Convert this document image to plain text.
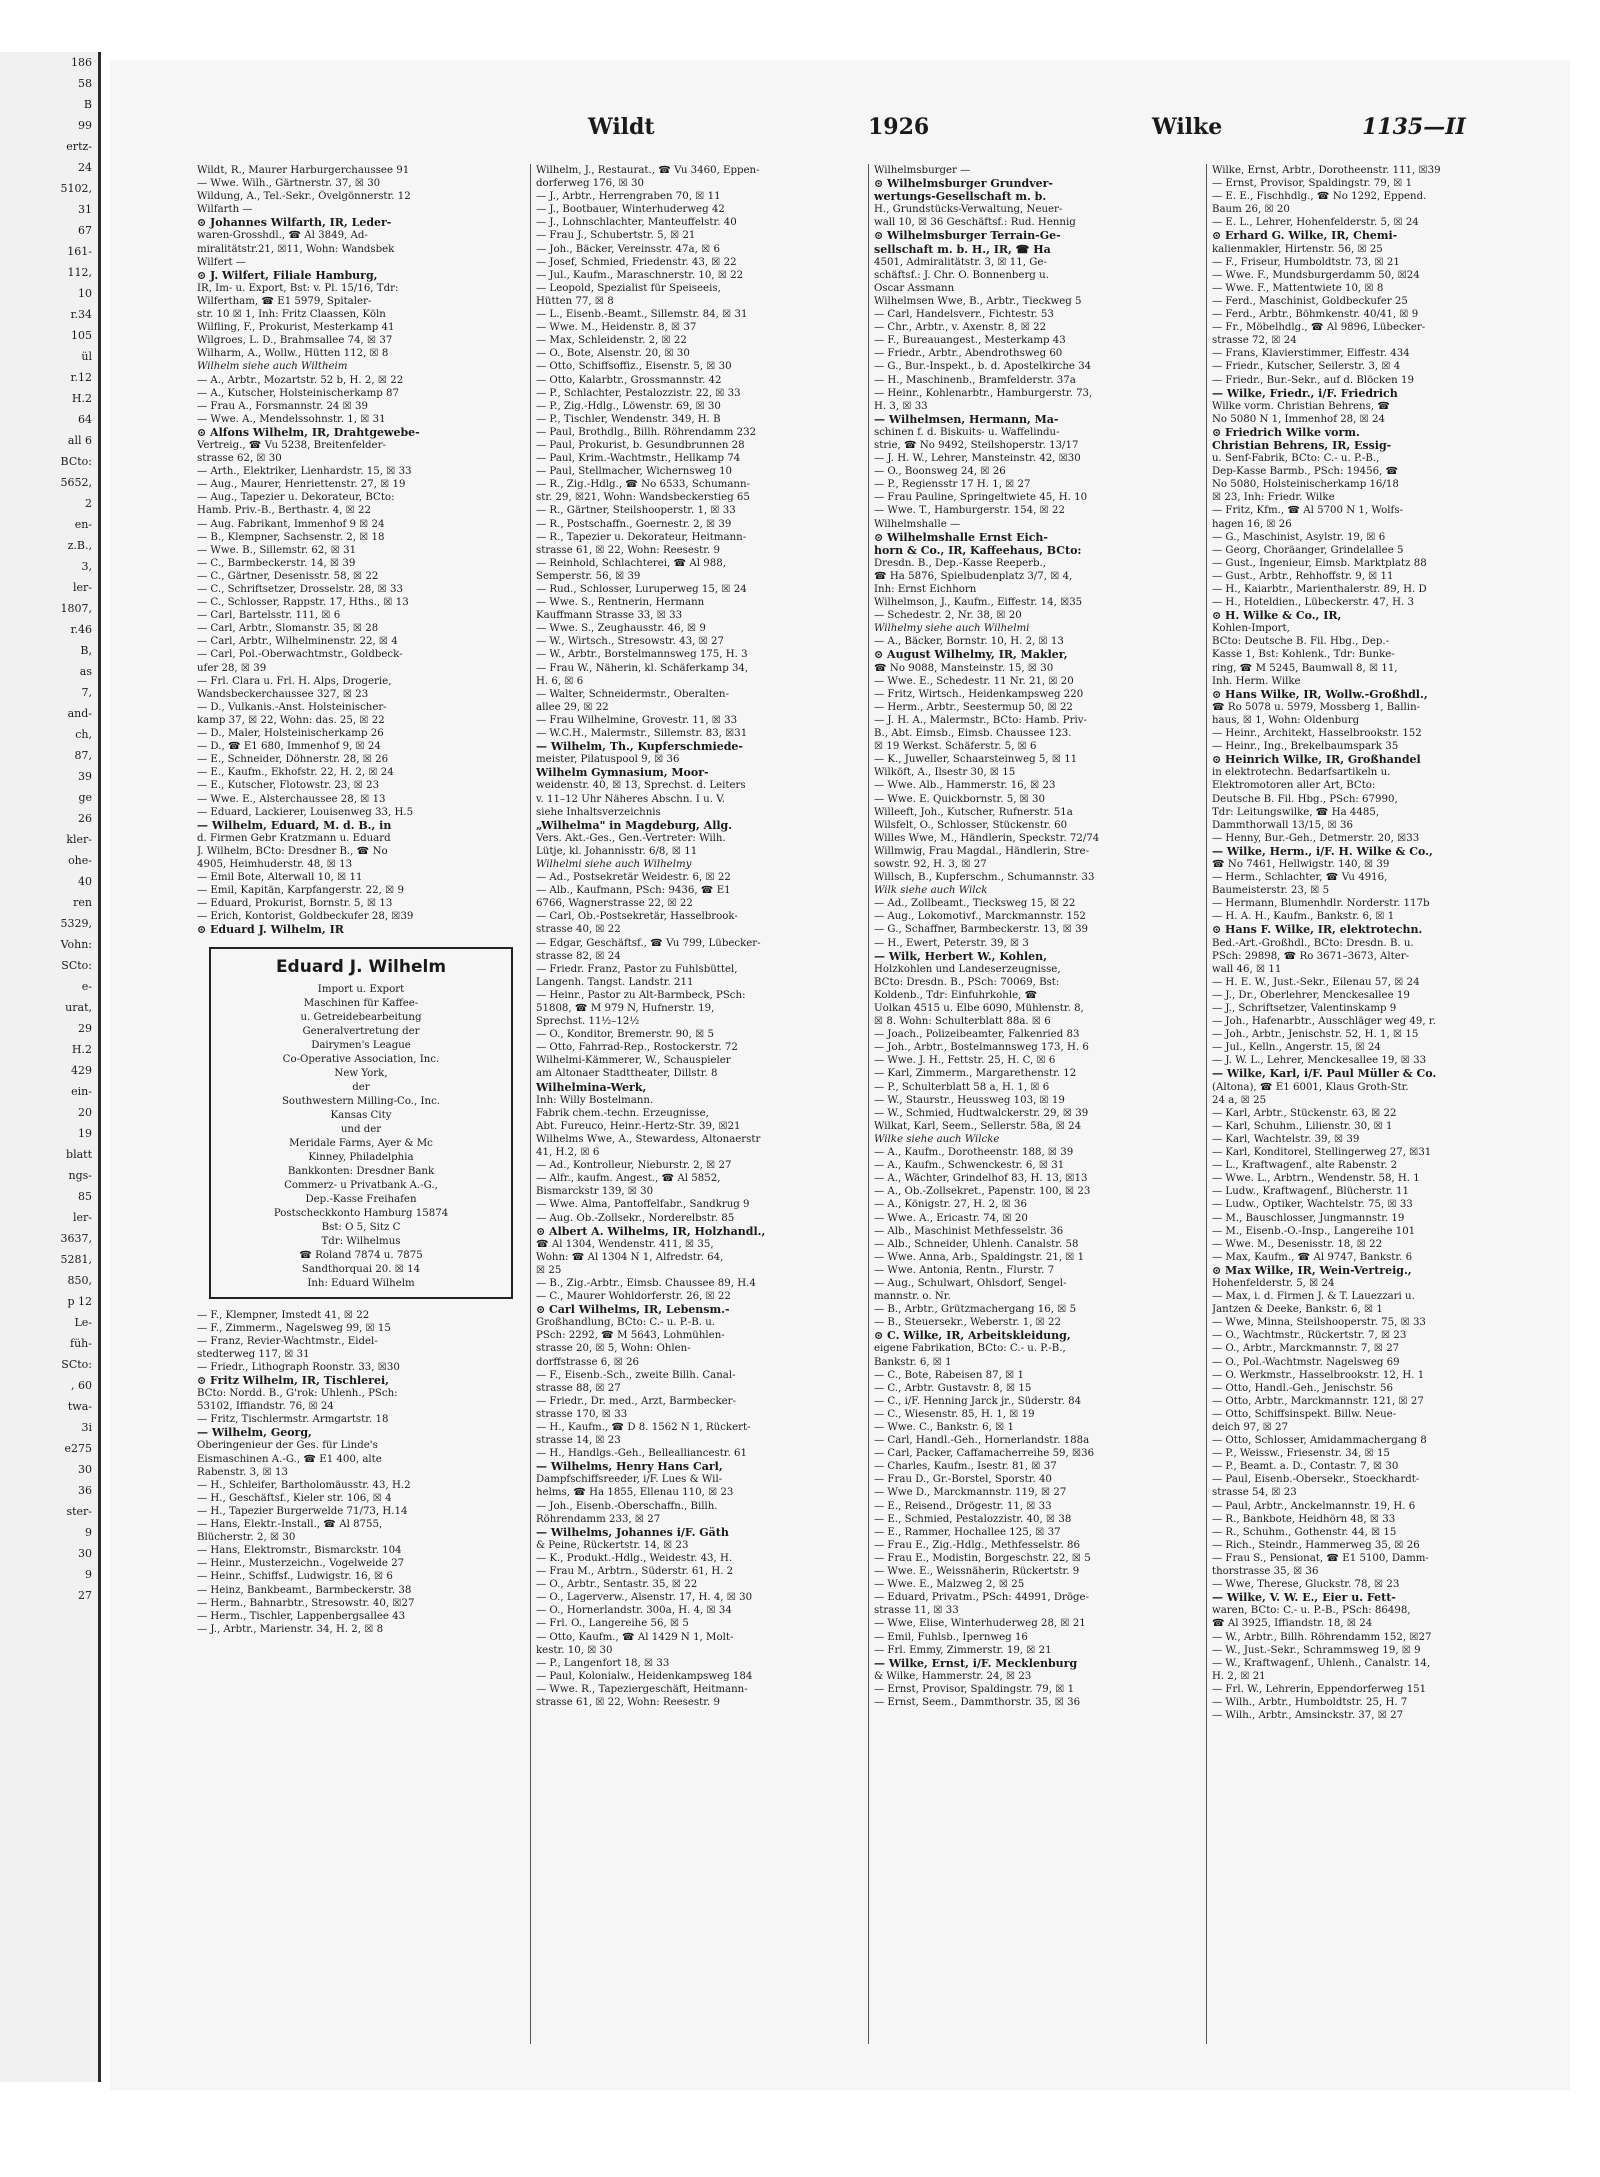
186
58
B
99
ertz-
24
5102,
31
67
161-
112,
10
r.34
105
ül
r.12
H.2
64
all 6
BCto:
5652,
2
en-
z.B.,
3,
ler-
1807,
r.46
B,
as
7,
and-
ch,
87,
39
ge
26
kler-
ohe-
40
ren
5329,
Vohn:
SCto:
e-
urat,
29
H.2
429
ein-
20
19
blatt
ngs-
85
ler-
3637,
5281,
850,
p 12
Le-
füh-
SCto:
, 60
twa-
3i
e275
30
36
ster-
9
30
9
27
Wildt	1926	Wilke	1135—II
Wildt, R., Maurer Harburgerchaussee 91
— Wwe. Wilh., Gärtnerstr. 37, ☒ 30
Wildung, A., Tel.-Sekr., Övelgönnerstr. 12
Wilfarth —
⊙ Johannes Wilfarth, IR, Leder-
waren-Grosshdl., ☎ Al 3849, Ad-
miralitätstr.21, ☒11, Wohn: Wandsbek
Wilfert —
⊙ J. Wilfert, Filiale Hamburg,
IR, Im- u. Export, Bst: v. Pl. 15/16, Tdr:
Wilfertham, ☎ E1 5979, Spitaler-
str. 10 ☒ 1, Inh: Fritz Claassen, Köln
Wilfling, F., Prokurist, Mesterkamp 41
Wilgroes, L. D., Brahmsallee 74, ☒ 37
Wilharm, A., Wollw., Hütten 112, ☒ 8
Wilhelm siehe auch Wiltheim
— A., Arbtr., Mozartstr. 52 b, H. 2, ☒ 22
— A., Kutscher, Holsteinischerkamp 87
— Frau A., Forsmannstr. 24 ☒ 39
— Wwe. A., Mendelssohnstr. 1, ☒ 31
⊙ Alfons Wilhelm, IR, Drahtgewebe-
Vertreig., ☎ Vu 5238, Breitenfelder-
strasse 62, ☒ 30
— Arth., Elektriker, Lienhardstr. 15, ☒ 33
— Aug., Maurer, Henriettenstr. 27, ☒ 19
— Aug., Tapezier u. Dekorateur, BCto:
Hamb. Priv.-B., Berthastr. 4, ☒ 22
— Aug. Fabrikant, Immenhof 9 ☒ 24
— B., Klempner, Sachsenstr. 2, ☒ 18
— Wwe. B., Sillemstr. 62, ☒ 31
— C., Barmbeckerstr. 14, ☒ 39
— C., Gärtner, Desenisstr. 58, ☒ 22
— C., Schriftsetzer, Drosselstr. 28, ☒ 33
— C., Schlosser, Rappstr. 17, Hths., ☒ 13
— Carl, Bartelsstr. 111, ☒ 6
— Carl, Arbtr., Slomanstr. 35, ☒ 28
— Carl, Arbtr., Wilhelminenstr. 22, ☒ 4
— Carl, Pol.-Oberwachtmstr., Goldbeck-
ufer 28, ☒ 39
— Frl. Clara u. Frl. H. Alps, Drogerie,
Wandsbeckerchaussee 327, ☒ 23
— D., Vulkanis.-Anst. Holsteinischer-
kamp 37, ☒ 22, Wohn: das. 25, ☒ 22
— D., Maler, Holsteinischerkamp 26
— D., ☎ E1 680, Immenhof 9, ☒ 24
— E., Schneider, Döhnerstr. 28, ☒ 26
— E., Kaufm., Ekhofstr. 22, H. 2, ☒ 24
— E., Kutscher, Flotowstr. 23, ☒ 23
— Wwe. E., Alsterchaussee 28, ☒ 13
— Eduard, Lackierer, Louisenweg 33, H.5
— Wilhelm, Eduard, M. d. B., in
d. Firmen Gebr Kratzmann u. Eduard
J. Wilhelm, BCto: Dresdner B., ☎ No
4905, Heimhuderstr. 48, ☒ 13
— Emil Bote, Alterwall 10, ☒ 11
— Emil, Kapitän, Karpfangerstr. 22, ☒ 9
— Eduard, Prokurist, Bornstr. 5, ☒ 13
— Erich, Kontorist, Goldbeckufer 28, ☒39
⊙ Eduard J. Wilhelm, IR
Eduard J. Wilhelm
Import u. Export
Maschinen für Kaffee-
u. Getreidebearbeitung
Generalvertretung der
Dairymen's League
Co-Operative Association, Inc.
New York,
der
Southwestern Milling-Co., Inc.
Kansas City
und der
Meridale Farms, Ayer & Mc
Kinney, Philadelphia
Bankkonten: Dresdner Bank
Commerz- u Privatbank A.-G.,
Dep.-Kasse Freihafen
Postscheckkonto Hamburg 15874
Bst: O 5, Sitz C
Tdr: Wilhelmus
☎ Roland 7874 u. 7875
Sandthorquai 20. ☒ 14
Inh: Eduard Wilhelm
— F., Klempner, Imstedt 41, ☒ 22
— F., Zimmerm., Nagelsweg 99, ☒ 15
— Franz, Revier-Wachtmstr., Eidel-
stedterweg 117, ☒ 31
— Friedr., Lithograph Roonstr. 33, ☒30
⊙ Fritz Wilhelm, IR, Tischlerei,
BCto: Nordd. B., G'rok: Uhlenh., PSch:
53102, Iffiandstr. 76, ☒ 24
— Fritz, Tischlermstr. Armgartstr. 18
— Wilhelm, Georg,
Oberingenieur der Ges. für Linde's
Eismaschinen A.-G., ☎ E1 400, alte
Rabenstr. 3, ☒ 13
— H., Schleifer, Bartholomäusstr. 43, H.2
— H., Geschäftsf., Kieler str. 106, ☒ 4
— H., Tapezier Burgerwelde 71/73, H.14
— Hans, Elektr.-Install., ☎ Al 8755,
Blücherstr. 2, ☒ 30
— Hans, Elektromstr., Bismarckstr. 104
— Heinr., Musterzeichn., Vogelweide 27
— Heinr., Schiffsf., Ludwigstr. 16, ☒ 6
— Heinz, Bankbeamt., Barmbeckerstr. 38
— Herm., Bahnarbtr., Stresowstr. 40, ☒27
— Herm., Tischler, Lappenbergsallee 43
— J., Arbtr., Marienstr. 34, H. 2, ☒ 8
Wilhelm, J., Restaurat., ☎ Vu 3460, Eppen-
dorferweg 176, ☒ 30
— J., Arbtr., Herrengraben 70, ☒ 11
— J., Bootbauer, Winterhuderweg 42
— J., Lohnschlachter, Manteuffelstr. 40
— Frau J., Schubertstr. 5, ☒ 21
— Joh., Bäcker, Vereinsstr. 47a, ☒ 6
— Josef, Schmied, Friedenstr. 43, ☒ 22
— Jul., Kaufm., Maraschnerstr. 10, ☒ 22
— Leopold, Spezialist für Speiseeis,
Hütten 77, ☒ 8
— L., Eisenb.-Beamt., Sillemstr. 84, ☒ 31
— Wwe. M., Heidenstr. 8, ☒ 37
— Max, Schleidenstr. 2, ☒ 22
— O., Bote, Alsenstr. 20, ☒ 30
— Otto, Schiffsoffiz., Eisenstr. 5, ☒ 30
— Otto, Kalarbtr., Grossmannstr. 42
— P., Schlachter, Pestalozzistr. 22, ☒ 33
— P., Zig.-Hdlg., Löwenstr. 69, ☒ 30
— P., Tischler, Wendenstr. 349, H. B
— Paul, Brothdlg., Billh. Röhrendamm 232
— Paul, Prokurist, b. Gesundbrunnen 28
— Paul, Krim.-Wachtmstr., Hellkamp 74
— Paul, Stellmacher, Wichernsweg 10
— R., Zig.-Hdlg., ☎ No 6533, Schumann-
str. 29, ☒21, Wohn: Wandsbeckerstieg 65
— R., Gärtner, Steilshooperstr. 1, ☒ 33
— R., Postschaffn., Goernestr. 2, ☒ 39
— R., Tapezier u. Dekorateur, Heitmann-
strasse 61, ☒ 22, Wohn: Reesestr. 9
— Reinhold, Schlachterei, ☎ Al 988,
Semperstr. 56, ☒ 39
— Rud., Schlosser, Luruperweg 15, ☒ 24
— Wwe. S., Rentnerin, Hermann
Kauffmann Strasse 33, ☒ 33
— Wwe. S., Zeughausstr. 46, ☒ 9
— W., Wirtsch., Stresowstr. 43, ☒ 27
— W., Arbtr., Borstelmannsweg 175, H. 3
— Frau W., Näherin, kl. Schäferkamp 34,
H. 6, ☒ 6
— Walter, Schneidermstr., Oberalten-
allee 29, ☒ 22
— Frau Wilhelmine, Grovestr. 11, ☒ 33
— W.C.H., Malermstr., Sillemstr. 83, ☒31
— Wilhelm, Th., Kupferschmiede-
meister, Pilatuspool 9, ☒ 36
Wilhelm Gymnasium, Moor-
weidenstr. 40, ☒ 13, Sprechst. d. Leiters
v. 11–12 Uhr Näheres Abschn. I u. V.
siehe Inhaltsverzeichnis
„Wilhelma" in Magdeburg, Allg.
Vers. Akt.-Ges., Gen.-Vertreter: Wilh.
Lütje, kl. Johannisstr. 6/8, ☒ 11
Wilhelmi siehe auch Wilhelmy
— Ad., Postsekretär Weidestr. 6, ☒ 22
— Alb., Kaufmann, PSch: 9436, ☎ E1
6766, Wagnerstrasse 22, ☒ 22
— Carl, Ob.-Postsekretär, Hasselbrook-
strasse 40, ☒ 22
— Edgar, Geschäftsf., ☎ Vu 799, Lübecker-
strasse 82, ☒ 24
— Friedr. Franz, Pastor zu Fuhlsbüttel,
Langenh. Tangst. Landstr. 211
— Heinr., Pastor zu Alt-Barmbeck, PSch:
51808, ☎ M 979 N, Hufnerstr. 19,
Sprechst. 11½–12½
— O., Konditor, Bremerstr. 90, ☒ 5
— Otto, Fahrrad-Rep., Rostockerstr. 72
Wilhelmi-Kämmerer, W., Schauspieler
am Altonaer Stadttheater, Dillstr. 8
Wilhelmina-Werk,
Inh: Willy Bostelmann.
Fabrik chem.-techn. Erzeugnisse,
Abt. Fureuco, Heinr.-Hertz-Str. 39, ☒21
Wilhelms Wwe, A., Stewardess, Altonaerstr
41, H.2, ☒ 6
— Ad., Kontrolleur, Nieburstr. 2, ☒ 27
— Alfr., kaufm. Angest., ☎ Al 5852,
Bismarckstr 139, ☒ 30
— Wwe. Alma, Pantoffelfabr., Sandkrug 9
— Aug. Ob.-Zollsekr., Norderelbstr. 85
⊙ Albert A. Wilhelms, IR, Holzhandl.,
☎ Al 1304, Wendenstr. 411, ☒ 35,
Wohn: ☎ Al 1304 N 1, Alfredstr. 64,
☒ 25
— B., Zig.-Arbtr., Eimsb. Chaussee 89, H.4
— C., Maurer Wohldorferstr. 26, ☒ 22
⊙ Carl Wilhelms, IR, Lebensm.-
Großhandlung, BCto: C.- u. P.-B. u.
PSch: 2292, ☎ M 5643, Lohmühlen-
strasse 20, ☒ 5, Wohn: Ohlen-
dorffstrasse 6, ☒ 26
— F., Eisenb.-Sch., zweite Billh. Canal-
strasse 88, ☒ 27
— Friedr., Dr. med., Arzt, Barmbecker-
strasse 170, ☒ 33
— H., Kaufm., ☎ D 8. 1562 N 1, Rückert-
strasse 14, ☒ 23
— H., Handlgs.-Geh., Bellealliancestr. 61
— Wilhelms, Henry Hans Carl,
Dampfschiffsreeder, i/F. Lues & Wil-
helms, ☎ Ha 1855, Ellenau 110, ☒ 23
— Joh., Eisenb.-Oberschaffn., Billh.
Röhrendamm 233, ☒ 27
— Wilhelms, Johannes i/F. Gäth
& Peine, Rückertstr. 14, ☒ 23
— K., Produkt.-Hdlg., Weidestr. 43, H.
— Frau M., Arbtrn., Süderstr. 61, H. 2
— O., Arbtr., Sentastr. 35, ☒ 22
— O., Lagerverw., Alsenstr. 17, H. 4, ☒ 30
— O., Hornerlandstr. 300a, H. 4, ☒ 34
— Frl. O., Langereihe 56, ☒ 5
— Otto, Kaufm., ☎ Al 1429 N 1, Molt-
kestr. 10, ☒ 30
— P., Langenfort 18, ☒ 33
— Paul, Kolonialw., Heidenkampsweg 184
— Wwe. R., Tapeziergeschäft, Heitmann-
strasse 61, ☒ 22, Wohn: Reesestr. 9
Wilhelmsburger —
⊙ Wilhelmsburger Grundver-
wertungs-Gesellschaft m. b.
H., Grundstücks-Verwaltung, Neuer-
wall 10, ☒ 36 Geschäftsf.: Rud. Hennig
⊙ Wilhelmsburger Terrain-Ge-
sellschaft m. b. H., IR, ☎ Ha
4501, Admiralitätstr. 3, ☒ 11, Ge-
schäftsf.: J. Chr. O. Bonnenberg u.
Oscar Assmann
Wilhelmsen Wwe, B., Arbtr., Tieckweg 5
— Carl, Handelsverr., Fichtestr. 53
— Chr., Arbtr., v. Axenstr. 8, ☒ 22
— F., Bureauangest., Mesterkamp 43
— Friedr., Arbtr., Abendrothsweg 60
— G., Bur.-Inspekt., b. d. Apostelkirche 34
— H., Maschinenb., Bramfelderstr. 37a
— Heinr., Kohlenarbtr., Hamburgerstr. 73,
H. 3, ☒ 33
— Wilhelmsen, Hermann, Ma-
schinen f. d. Biskuits- u. Waffelindu-
strie, ☎ No 9492, Steilshoperstr. 13/17
— J. H. W., Lehrer, Mansteinstr. 42, ☒30
— O., Boonsweg 24, ☒ 26
— P., Regiensstr 17 H. 1, ☒ 27
— Frau Pauline, Springeltwiete 45, H. 10
— Wwe. T., Hamburgerstr. 154, ☒ 22
Wilhelmshalle —
⊙ Wilhelmshalle Ernst Eich-
horn & Co., IR, Kaffeehaus, BCto:
Dresdn. B., Dep.-Kasse Reeperb.,
☎ Ha 5876, Spielbudenplatz 3/7, ☒ 4,
Inh: Ernst Eichhorn
Wilhelmson, J., Kaufm., Eiffestr. 14, ☒35
— Schedestr. 2, Nr. 38, ☒ 20
Wilhelmy siehe auch Wilhelmi
— A., Bäcker, Bornstr. 10, H. 2, ☒ 13
⊙ August Wilhelmy, IR, Makler,
☎ No 9088, Mansteinstr. 15, ☒ 30
— Wwe. E., Schedestr. 11 Nr. 21, ☒ 20
— Fritz, Wirtsch., Heidenkampsweg 220
— Herm., Arbtr., Seestermup 50, ☒ 22
— J. H. A., Malermstr., BCto: Hamb. Priv-
B., Abt. Eimsb., Eimsb. Chaussee 123.
☒ 19 Werkst. Schäferstr. 5, ☒ 6
— K., Juweller, Schaarsteinweg 5, ☒ 11
Wilköft, A., Ilsestr 30, ☒ 15
— Wwe. Alb., Hammerstr. 16, ☒ 23
— Wwe. E. Quickbornstr. 5, ☒ 30
Willeeft, Joh., Kutscher, Rufnerstr. 51a
Wilsfelt, O., Schlosser, Stückenstr. 60
Willes Wwe, M., Händlerin, Speckstr. 72/74
Willmwig, Frau Magdal., Händlerin, Stre-
sowstr. 92, H. 3, ☒ 27
Willsch, B., Kupferschm., Schumannstr. 33
Wilk siehe auch Wilck
— Ad., Zollbeamt., Tiecksweg 15, ☒ 22
— Aug., Lokomotivf., Marckmannstr. 152
— G., Schaffner, Barmbeckerstr. 13, ☒ 39
— H., Ewert, Peterstr. 39, ☒ 3
— Wilk, Herbert W., Kohlen,
Holzkohlen und Landeserzeugnisse,
BCto: Dresdn. B., PSch: 70069, Bst:
Koldenb., Tdr: Einfuhrkohle, ☎
Uolkan 4515 u. Elbe 6090, Mühlenstr. 8,
☒ 8. Wohn: Schulterblatt 88a. ☒ 6
— Joach., Polizeibeamter, Falkenried 83
— Joh., Arbtr., Bostelmannsweg 173, H. 6
— Wwe. J. H., Fettstr. 25, H. C, ☒ 6
— Karl, Zimmerm., Margarethenstr. 12
— P., Schulterblatt 58 a, H. 1, ☒ 6
— W., Staurstr., Heussweg 103, ☒ 19
— W., Schmied, Hudtwalckerstr. 29, ☒ 39
Wilkat, Karl, Seem., Sellerstr. 58a, ☒ 24
Wilke siehe auch Wilcke
— A., Kaufm., Dorotheenstr. 188, ☒ 39
— A., Kaufm., Schwenckestr. 6, ☒ 31
— A., Wächter, Grindelhof 83, H. 13, ☒13
— A., Ob.-Zollsekret., Papenstr. 100, ☒ 23
— A., Königstr. 27, H. 2, ☒ 36
— Wwe. A., Ericastr. 74, ☒ 20
— Alb., Maschinist Methfesselstr. 36
— Alb., Schneider, Uhlenh. Canalstr. 58
— Wwe. Anna, Arb., Spaldingstr. 21, ☒ 1
— Wwe. Antonia, Rentn., Flurstr. 7
— Aug., Schulwart, Ohlsdorf, Sengel-
mannstr. o. Nr.
— B., Arbtr., Grützmachergang 16, ☒ 5
— B., Steuersekr., Weberstr. 1, ☒ 22
⊙ C. Wilke, IR, Arbeitskleidung,
eigene Fabrikation, BCto: C.- u. P.-B.,
Bankstr. 6, ☒ 1
— C., Bote, Rabeisen 87, ☒ 1
— C., Arbtr. Gustavstr. 8, ☒ 15
— C., i/F. Henning Jarck jr., Süderstr. 84
— C., Wiesenstr. 85, H. 1, ☒ 19
— Wwe. C., Bankstr. 6, ☒ 1
— Carl, Handl.-Geh., Hornerlandstr. 188a
— Carl, Packer, Caffamacherreihe 59, ☒36
— Charles, Kaufm., Isestr. 81, ☒ 37
— Frau D., Gr.-Borstel, Sporstr. 40
— Wwe D., Marckmannstr. 119, ☒ 27
— E., Reisend., Drögestr. 11, ☒ 33
— E., Schmied, Pestalozzistr. 40, ☒ 38
— E., Rammer, Hochallee 125, ☒ 37
— Frau E., Zig.-Hdlg., Methfesselstr. 86
— Frau E., Modistin, Borgeschstr. 22, ☒ 5
— Wwe. E., Weissnäherin, Rückertstr. 9
— Wwe. E., Malzweg 2, ☒ 25
— Eduard, Privatm., PSch: 44991, Dröge-
strasse 11, ☒ 33
— Wwe, Elise, Winterhuderweg 28, ☒ 21
— Emil, Fuhlsb., Ipernweg 16
— Frl. Emmy, Zimmerstr. 19, ☒ 21
— Wilke, Ernst, i/F. Mecklenburg
& Wilke, Hammerstr. 24, ☒ 23
— Ernst, Provisor, Spaldingstr. 79, ☒ 1
— Ernst, Seem., Dammthorstr. 35, ☒ 36
Wilke, Ernst, Arbtr., Dorotheenstr. 111, ☒39
— Ernst, Provisor, Spaldingstr. 79, ☒ 1
— E. E., Fischhdlg., ☎ No 1292, Eppend.
Baum 26, ☒ 20
— E. L., Lehrer, Hohenfelderstr. 5, ☒ 24
⊙ Erhard G. Wilke, IR, Chemi-
kalienmakler, Hirtenstr. 56, ☒ 25
— F., Friseur, Humboldtstr. 73, ☒ 21
— Wwe. F., Mundsburgerdamm 50, ☒24
— Wwe. F., Mattentwiete 10, ☒ 8
— Ferd., Maschinist, Goldbeckufer 25
— Ferd., Arbtr., Böhmkenstr. 40/41, ☒ 9
— Fr., Möbelhdlg., ☎ Al 9896, Lübecker-
strasse 72, ☒ 24
— Frans, Klavierstimmer, Eiffestr. 434
— Friedr., Kutscher, Seilerstr. 3, ☒ 4
— Friedr., Bur.-Sekr., auf d. Blöcken 19
— Wilke, Friedr., i/F. Friedrich
Wilke vorm. Christian Behrens, ☎
No 5080 N 1, Immenhof 28, ☒ 24
⊙ Friedrich Wilke vorm.
Christian Behrens, IR, Essig-
u. Senf-Fabrik, BCto: C.- u. P.-B.,
Dep-Kasse Barmb., PSch: 19456, ☎
No 5080, Holsteinischerkamp 16/18
☒ 23, Inh: Friedr. Wilke
— Fritz, Kfm., ☎ Al 5700 N 1, Wolfs-
hagen 16, ☒ 26
— G., Maschinist, Asylstr. 19, ☒ 6
— Georg, Choräanger, Grindelallee 5
— Gust., Ingenieur, Eimsb. Marktplatz 88
— Gust., Arbtr., Rehhoffstr. 9, ☒ 11
— H., Kaiarbtr., Marienthalerstr. 89, H. D
— H., Hoteldien., Lübeckerstr. 47, H. 3
⊙ H. Wilke & Co., IR,
Kohlen-Import,
BCto: Deutsche B. Fil. Hbg., Dep.-
Kasse 1, Bst: Kohlenk., Tdr: Bunke-
ring, ☎ M 5245, Baumwall 8, ☒ 11,
Inh. Herm. Wilke
⊙ Hans Wilke, IR, Wollw.-Großhdl.,
☎ Ro 5078 u. 5979, Mossberg 1, Ballin-
haus, ☒ 1, Wohn: Oldenburg
— Heinr., Architekt, Hasselbrookstr. 152
— Heinr., Ing., Brekelbaumspark 35
⊙ Heinrich Wilke, IR, Großhandel
in elektrotechn. Bedarfsartikeln u.
Elektromotoren aller Art, BCto:
Deutsche B. Fil. Hbg., PSch: 67990,
Tdr: Leitungswilke, ☎ Ha 4485,
Dammthorwall 13/15, ☒ 36
— Henny, Bur.-Geh., Detmerstr. 20, ☒33
— Wilke, Herm., i/F. H. Wilke & Co.,
☎ No 7461, Hellwigstr. 140, ☒ 39
— Herm., Schlachter, ☎ Vu 4916,
Baumeisterstr. 23, ☒ 5
— Hermann, Blumenhdlr. Norderstr. 117b
— H. A. H., Kaufm., Bankstr. 6, ☒ 1
⊙ Hans F. Wilke, IR, elektrotechn.
Bed.-Art.-Großhdl., BCto: Dresdn. B. u.
PSch: 29898, ☎ Ro 3671–3673, Alter-
wall 46, ☒ 11
— H. E. W., Just.-Sekr., Eilenau 57, ☒ 24
— J., Dr., Oberlehrer, Menckesallee 19
— J., Schriftsetzer, Valentinskamp 9
— Joh., Hafenarbtr., Ausschläger weg 49, r.
— Joh., Arbtr., Jenischstr. 52, H. 1, ☒ 15
— Jul., Kelln., Angerstr. 15, ☒ 24
— J. W. L., Lehrer, Menckesallee 19, ☒ 33
— Wilke, Karl, i/F. Paul Müller & Co.
(Altona), ☎ E1 6001, Klaus Groth-Str.
24 a, ☒ 25
— Karl, Arbtr., Stückenstr. 63, ☒ 22
— Karl, Schuhm., Lilienstr. 30, ☒ 1
— Karl, Wachtelstr. 39, ☒ 39
— Karl, Konditorel, Stellingerweg 27, ☒31
— L., Kraftwagenf., alte Rabenstr. 2
— Wwe. L., Arbtrn., Wendenstr. 58, H. 1
— Ludw., Kraftwagenf., Blücherstr. 11
— Ludw., Optiker, Wachtelstr. 75, ☒ 33
— M., Bauschlosser, Jungmannstr. 19
— M., Eisenb.-O.-Insp., Langereihe 101
— Wwe. M., Desenisstr. 18, ☒ 22
— Max, Kaufm., ☎ Al 9747, Bankstr. 6
⊙ Max Wilke, IR, Wein-Vertreig.,
Hohenfelderstr. 5, ☒ 24
— Max, i. d. Firmen J. & T. Lauezzari u.
Jantzen & Deeke, Bankstr. 6, ☒ 1
— Wwe, Minna, Steilshooperstr. 75, ☒ 33
— O., Wachtmstr., Rückertstr. 7, ☒ 23
— O., Arbtr., Marckmannstr. 7, ☒ 27
— O., Pol.-Wachtmstr. Nagelsweg 69
— O. Werkmstr., Hasselbrookstr. 12, H. 1
— Otto, Handl.-Geh., Jenischstr. 56
— Otto, Arbtr., Marckmannstr. 121, ☒ 27
— Otto, Schiffsinspekt. Billw. Neue-
deich 97, ☒ 27
— Otto, Schlosser, Amidammachergang 8
— P., Weissw., Friesenstr. 34, ☒ 15
— P., Beamt. a. D., Contastr. 7, ☒ 30
— Paul, Eisenb.-Obersekr., Stoeckhardt-
strasse 54, ☒ 23
— Paul, Arbtr., Anckelmannstr. 19, H. 6
— R., Bankbote, Heidhörn 48, ☒ 33
— R., Schuhm., Gothenstr. 44, ☒ 15
— Rich., Steindr., Hammerweg 35, ☒ 26
— Frau S., Pensionat, ☎ E1 5100, Damm-
thorstrasse 35, ☒ 36
— Wwe, Therese, Gluckstr. 78, ☒ 23
— Wilke, V. W. E., Eier u. Fett-
waren, BCto: C.- u. P.-B., PSch: 86498,
☎ Al 3925, Iffiandstr. 18, ☒ 24
— W., Arbtr., Billh. Röhrendamm 152, ☒27
— W., Just.-Sekr., Schrammsweg 19, ☒ 9
— W., Kraftwagenf., Uhlenh., Canalstr. 14,
H. 2, ☒ 21
— Frl. W., Lehrerin, Eppendorferweg 151
— Wilh., Arbtr., Humboldtstr. 25, H. 7
— Wilh., Arbtr., Amsinckstr. 37, ☒ 27
